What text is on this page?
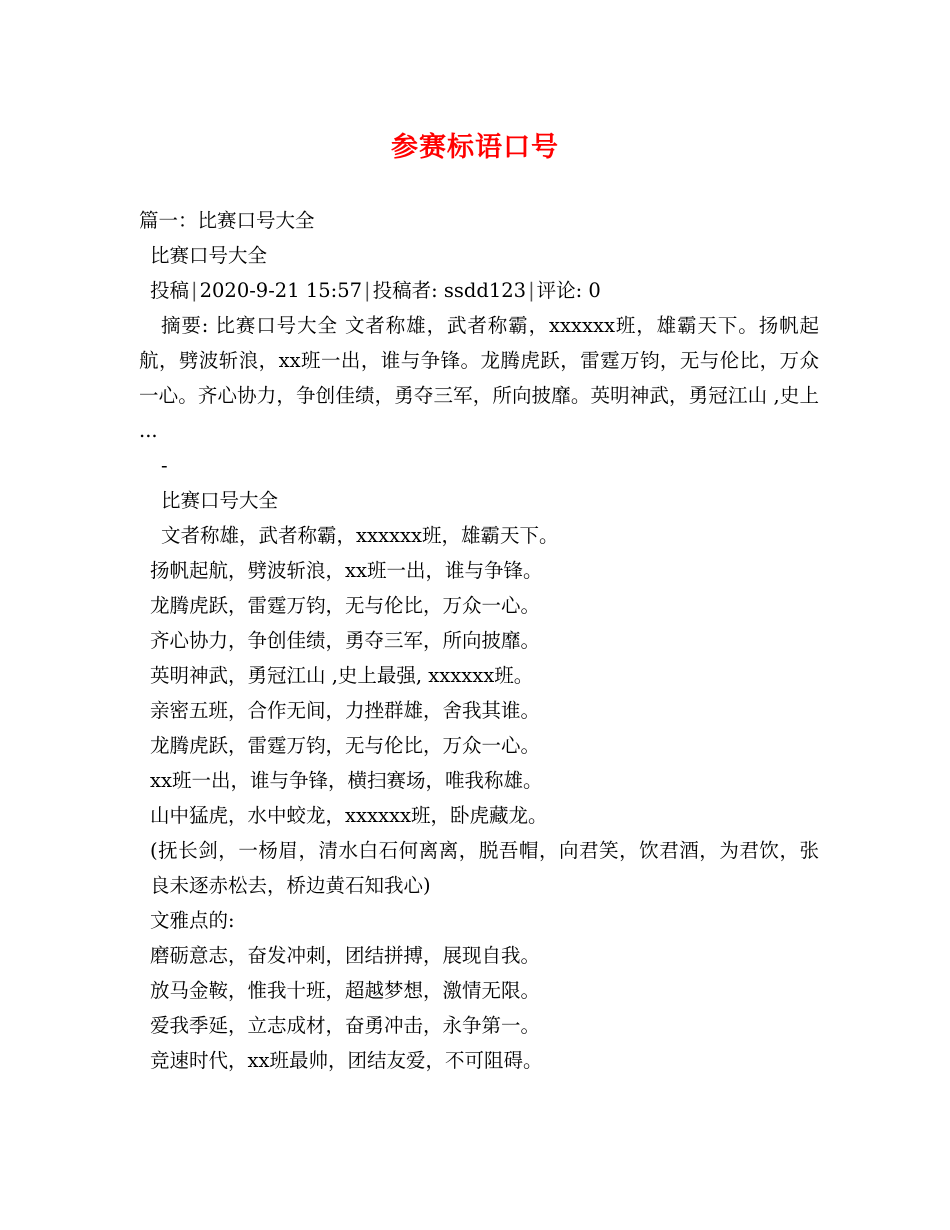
参赛标语口号
篇一：比赛口号大全
比赛口号大全
投稿 | 2020-9-21 15:57 | 投稿者: ssdd123 | 评论: 0
摘要: 比赛口号大全 文者称雄，武者称霸，xxxxxx班，雄霸天下。扬帆起航，劈波斩浪，xx班一出，谁与争锋。龙腾虎跃，雷霆万钧，无与伦比，万众一心。齐心协力，争创佳绩，勇夺三军，所向披靡。英明神武，勇冠江山 ,史上 ...
-
比赛口号大全
文者称雄，武者称霸，xxxxxx班，雄霸天下。
扬帆起航，劈波斩浪，xx班一出，谁与争锋。
龙腾虎跃，雷霆万钧，无与伦比，万众一心。
齐心协力，争创佳绩，勇夺三军，所向披靡。
英明神武，勇冠江山 ,史上最强, xxxxxx班。
亲密五班，合作无间，力挫群雄，舍我其谁。
龙腾虎跃，雷霆万钧，无与伦比，万众一心。
xx班一出，谁与争锋，横扫赛场，唯我称雄。
山中猛虎，水中蛟龙，xxxxxx班，卧虎藏龙。
(抚长剑，一杨眉，清水白石何离离，脱吾帽，向君笑，饮君酒，为君饮，张良未逐赤松去，桥边黄石知我心)
文雅点的:
磨砺意志，奋发冲刺，团结拼搏，展现自我。
放马金鞍，惟我十班，超越梦想，激情无限。
爱我季延，立志成材，奋勇冲击，永争第一。
竞速时代，xx班最帅，团结友爱，不可阻碍。
